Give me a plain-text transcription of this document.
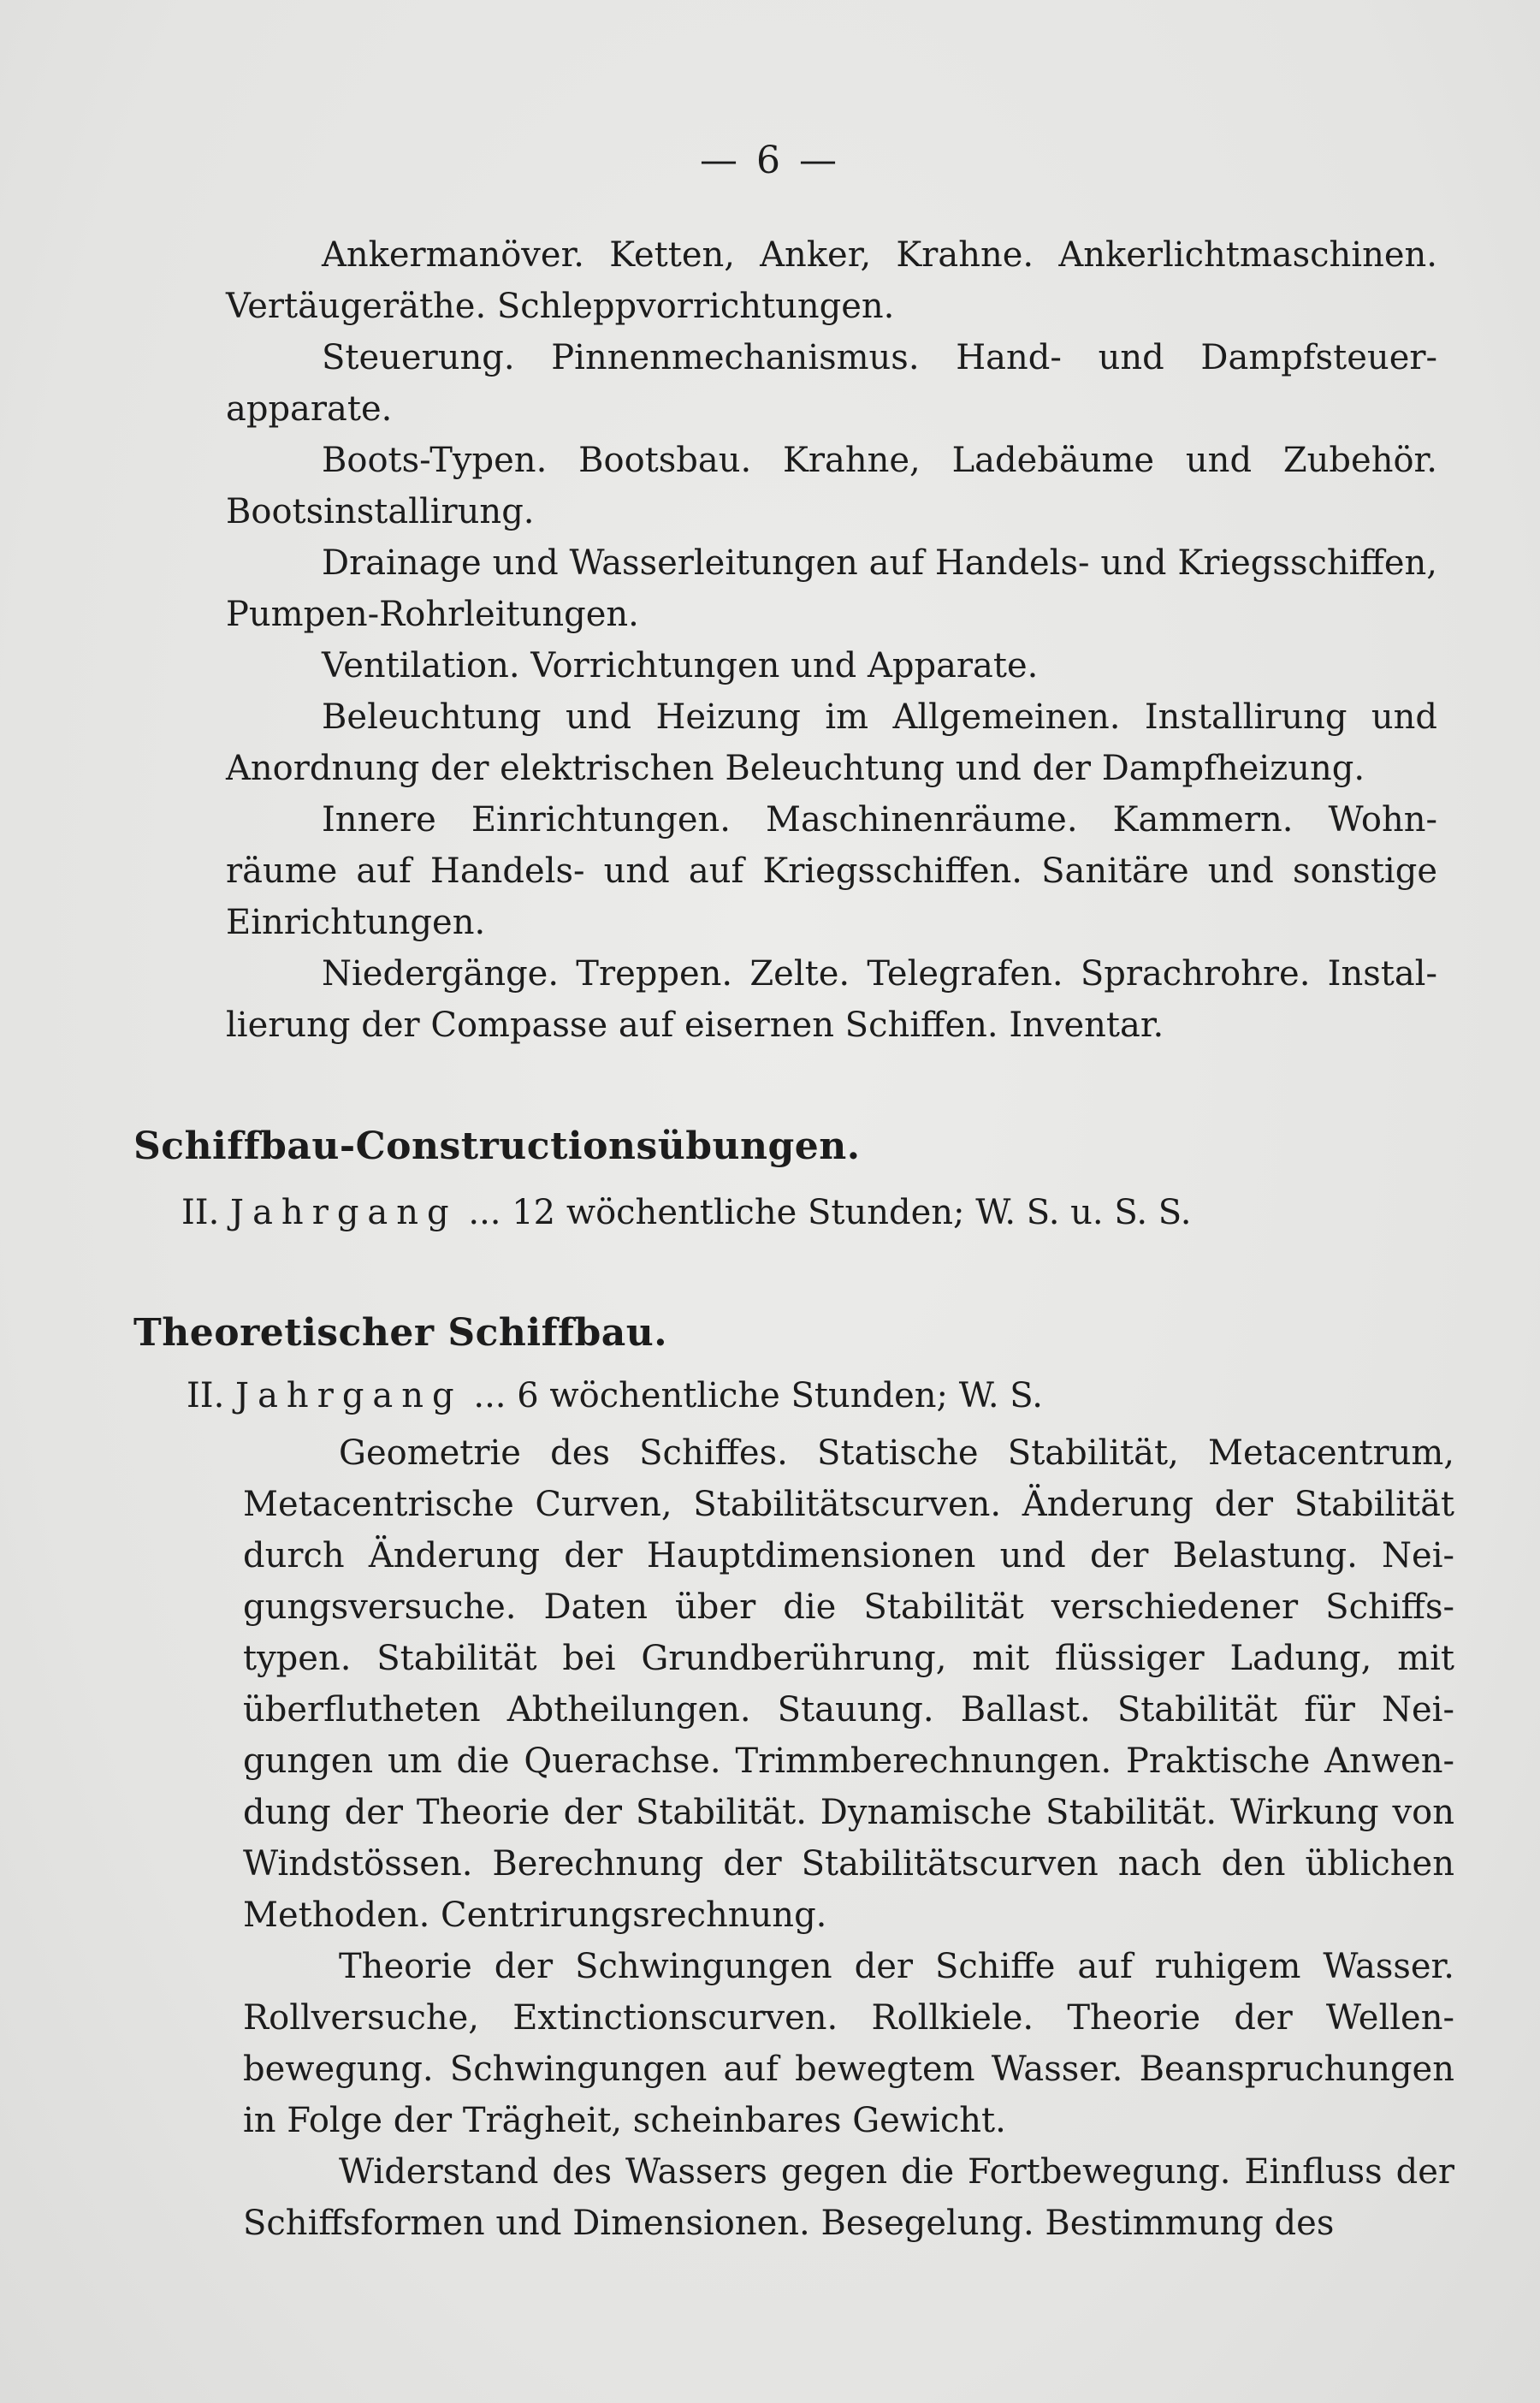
— 6 —

Ankermanöver. Ketten, Anker, Krahne. Ankerlichtmaschinen. Vertäugeräthe. Schleppvorrichtungen.

Steuerung. Pinnenmechanismus. Hand- und Dampfsteuer-apparate.

Boots-Typen. Bootsbau. Krahne, Ladebäume und Zubehör. Bootsinstallirung.

Drainage und Wasserleitungen auf Handels- und Kriegsschiffen, Pumpen-Rohrleitungen.

Ventilation. Vorrichtungen und Apparate.

Beleuchtung und Heizung im Allgemeinen. Installirung und Anordnung der elektrischen Beleuchtung und der Dampfheizung.

Innere Einrichtungen. Maschinenräume. Kammern. Wohn-räume auf Handels- und auf Kriegsschiffen. Sanitäre und sonstige Einrichtungen.

Niedergänge. Treppen. Zelte. Telegrafen. Sprachrohre. Instal-lierung der Compasse auf eisernen Schiffen. Inventar.

Schiffbau-Constructionsübungen.
II. Jahrgang ... 12 wöchentliche Stunden; W. S. u. S. S.
Theoretischer Schiffbau.
II. Jahrgang ... 6 wöchentliche Stunden; W. S.

Geometrie des Schiffes. Statische Stabilität, Metacentrum, Metacentrische Curven, Stabilitätscurven. Änderung der Stabilität durch Änderung der Hauptdimensionen und der Belastung. Nei-gungsversuche. Daten über die Stabilität verschiedener Schiffs-typen. Stabilität bei Grundberührung, mit flüssiger Ladung, mit überflutheten Abtheilungen. Stauung. Ballast. Stabilität für Nei-gungen um die Querachse. Trimmberechnungen. Praktische Anwen-dung der Theorie der Stabilität. Dynamische Stabilität. Wirkung von Windstössen. Berechnung der Stabilitätscurven nach den üblichen Methoden. Centrirungsrechnung.

Theorie der Schwingungen der Schiffe auf ruhigem Wasser. Rollversuche, Extinctionscurven. Rollkiele. Theorie der Wellen-bewegung. Schwingungen auf bewegtem Wasser. Beanspruchungen in Folge der Trägheit, scheinbares Gewicht.

Widerstand des Wassers gegen die Fortbewegung. Einfluss der Schiffsformen und Dimensionen. Besegelung. Bestimmung des
